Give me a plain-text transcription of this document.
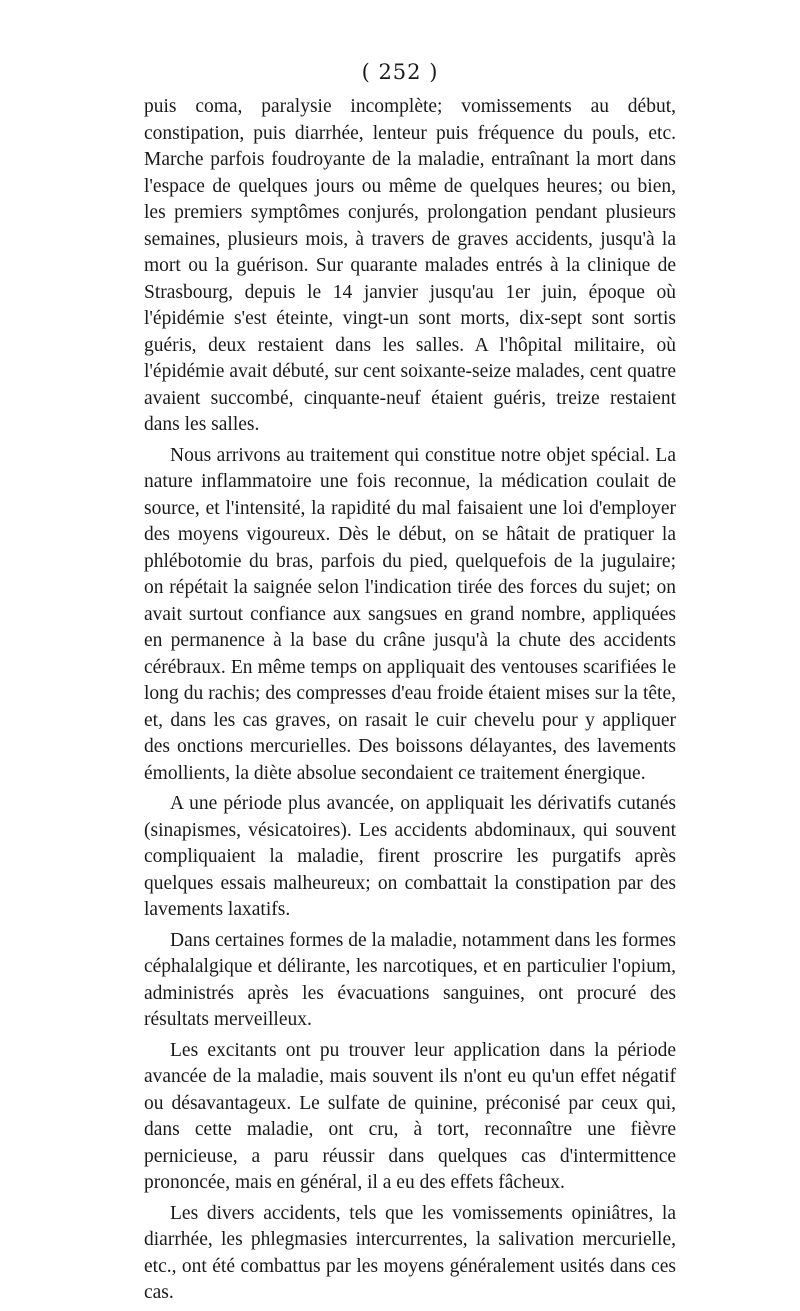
( 252 )

puis coma, paralysie incomplète; vomissements au début, constipation, puis diarrhée, lenteur puis fréquence du pouls, etc. Marche parfois foudroyante de la maladie, entraînant la mort dans l'espace de quelques jours ou même de quelques heures; ou bien, les premiers symptômes conjurés, prolongation pendant plusieurs semaines, plusieurs mois, à travers de graves accidents, jusqu'à la mort ou la guérison. Sur quarante malades entrés à la clinique de Strasbourg, depuis le 14 janvier jusqu'au 1er juin, époque où l'épidémie s'est éteinte, vingt-un sont morts, dix-sept sont sortis guéris, deux restaient dans les salles. A l'hôpital militaire, où l'épidémie avait débuté, sur cent soixante-seize malades, cent quatre avaient succombé, cinquante-neuf étaient guéris, treize restaient dans les salles.

Nous arrivons au traitement qui constitue notre objet spécial. La nature inflammatoire une fois reconnue, la médication coulait de source, et l'intensité, la rapidité du mal faisaient une loi d'employer des moyens vigoureux. Dès le début, on se hâtait de pratiquer la phlébotomie du bras, parfois du pied, quelquefois de la jugulaire; on répétait la saignée selon l'indication tirée des forces du sujet; on avait surtout confiance aux sangsues en grand nombre, appliquées en permanence à la base du crâne jusqu'à la chute des accidents cérébraux. En même temps on appliquait des ventouses scarifiées le long du rachis; des compresses d'eau froide étaient mises sur la tête, et, dans les cas graves, on rasait le cuir chevelu pour y appliquer des onctions mercurielles. Des boissons délayantes, des lavements émollients, la diète absolue secondaient ce traitement énergique.

A une période plus avancée, on appliquait les dérivatifs cutanés (sinapismes, vésicatoires). Les accidents abdominaux, qui souvent compliquaient la maladie, firent proscrire les purgatifs après quelques essais malheureux; on combattait la constipation par des lavements laxatifs.

Dans certaines formes de la maladie, notamment dans les formes céphalalgique et délirante, les narcotiques, et en particulier l'opium, administrés après les évacuations sanguines, ont procuré des résultats merveilleux.

Les excitants ont pu trouver leur application dans la période avancée de la maladie, mais souvent ils n'ont eu qu'un effet négatif ou désavantageux. Le sulfate de quinine, préconisé par ceux qui, dans cette maladie, ont cru, à tort, reconnaître une fièvre pernicieuse, a paru réussir dans quelques cas d'intermittence prononcée, mais en général, il a eu des effets fâcheux.

Les divers accidents, tels que les vomissements opiniâtres, la diarrhée, les phlegmasies intercurrentes, la salivation mercurielle, etc., ont été combattus par les moyens généralement usités dans ces cas.
